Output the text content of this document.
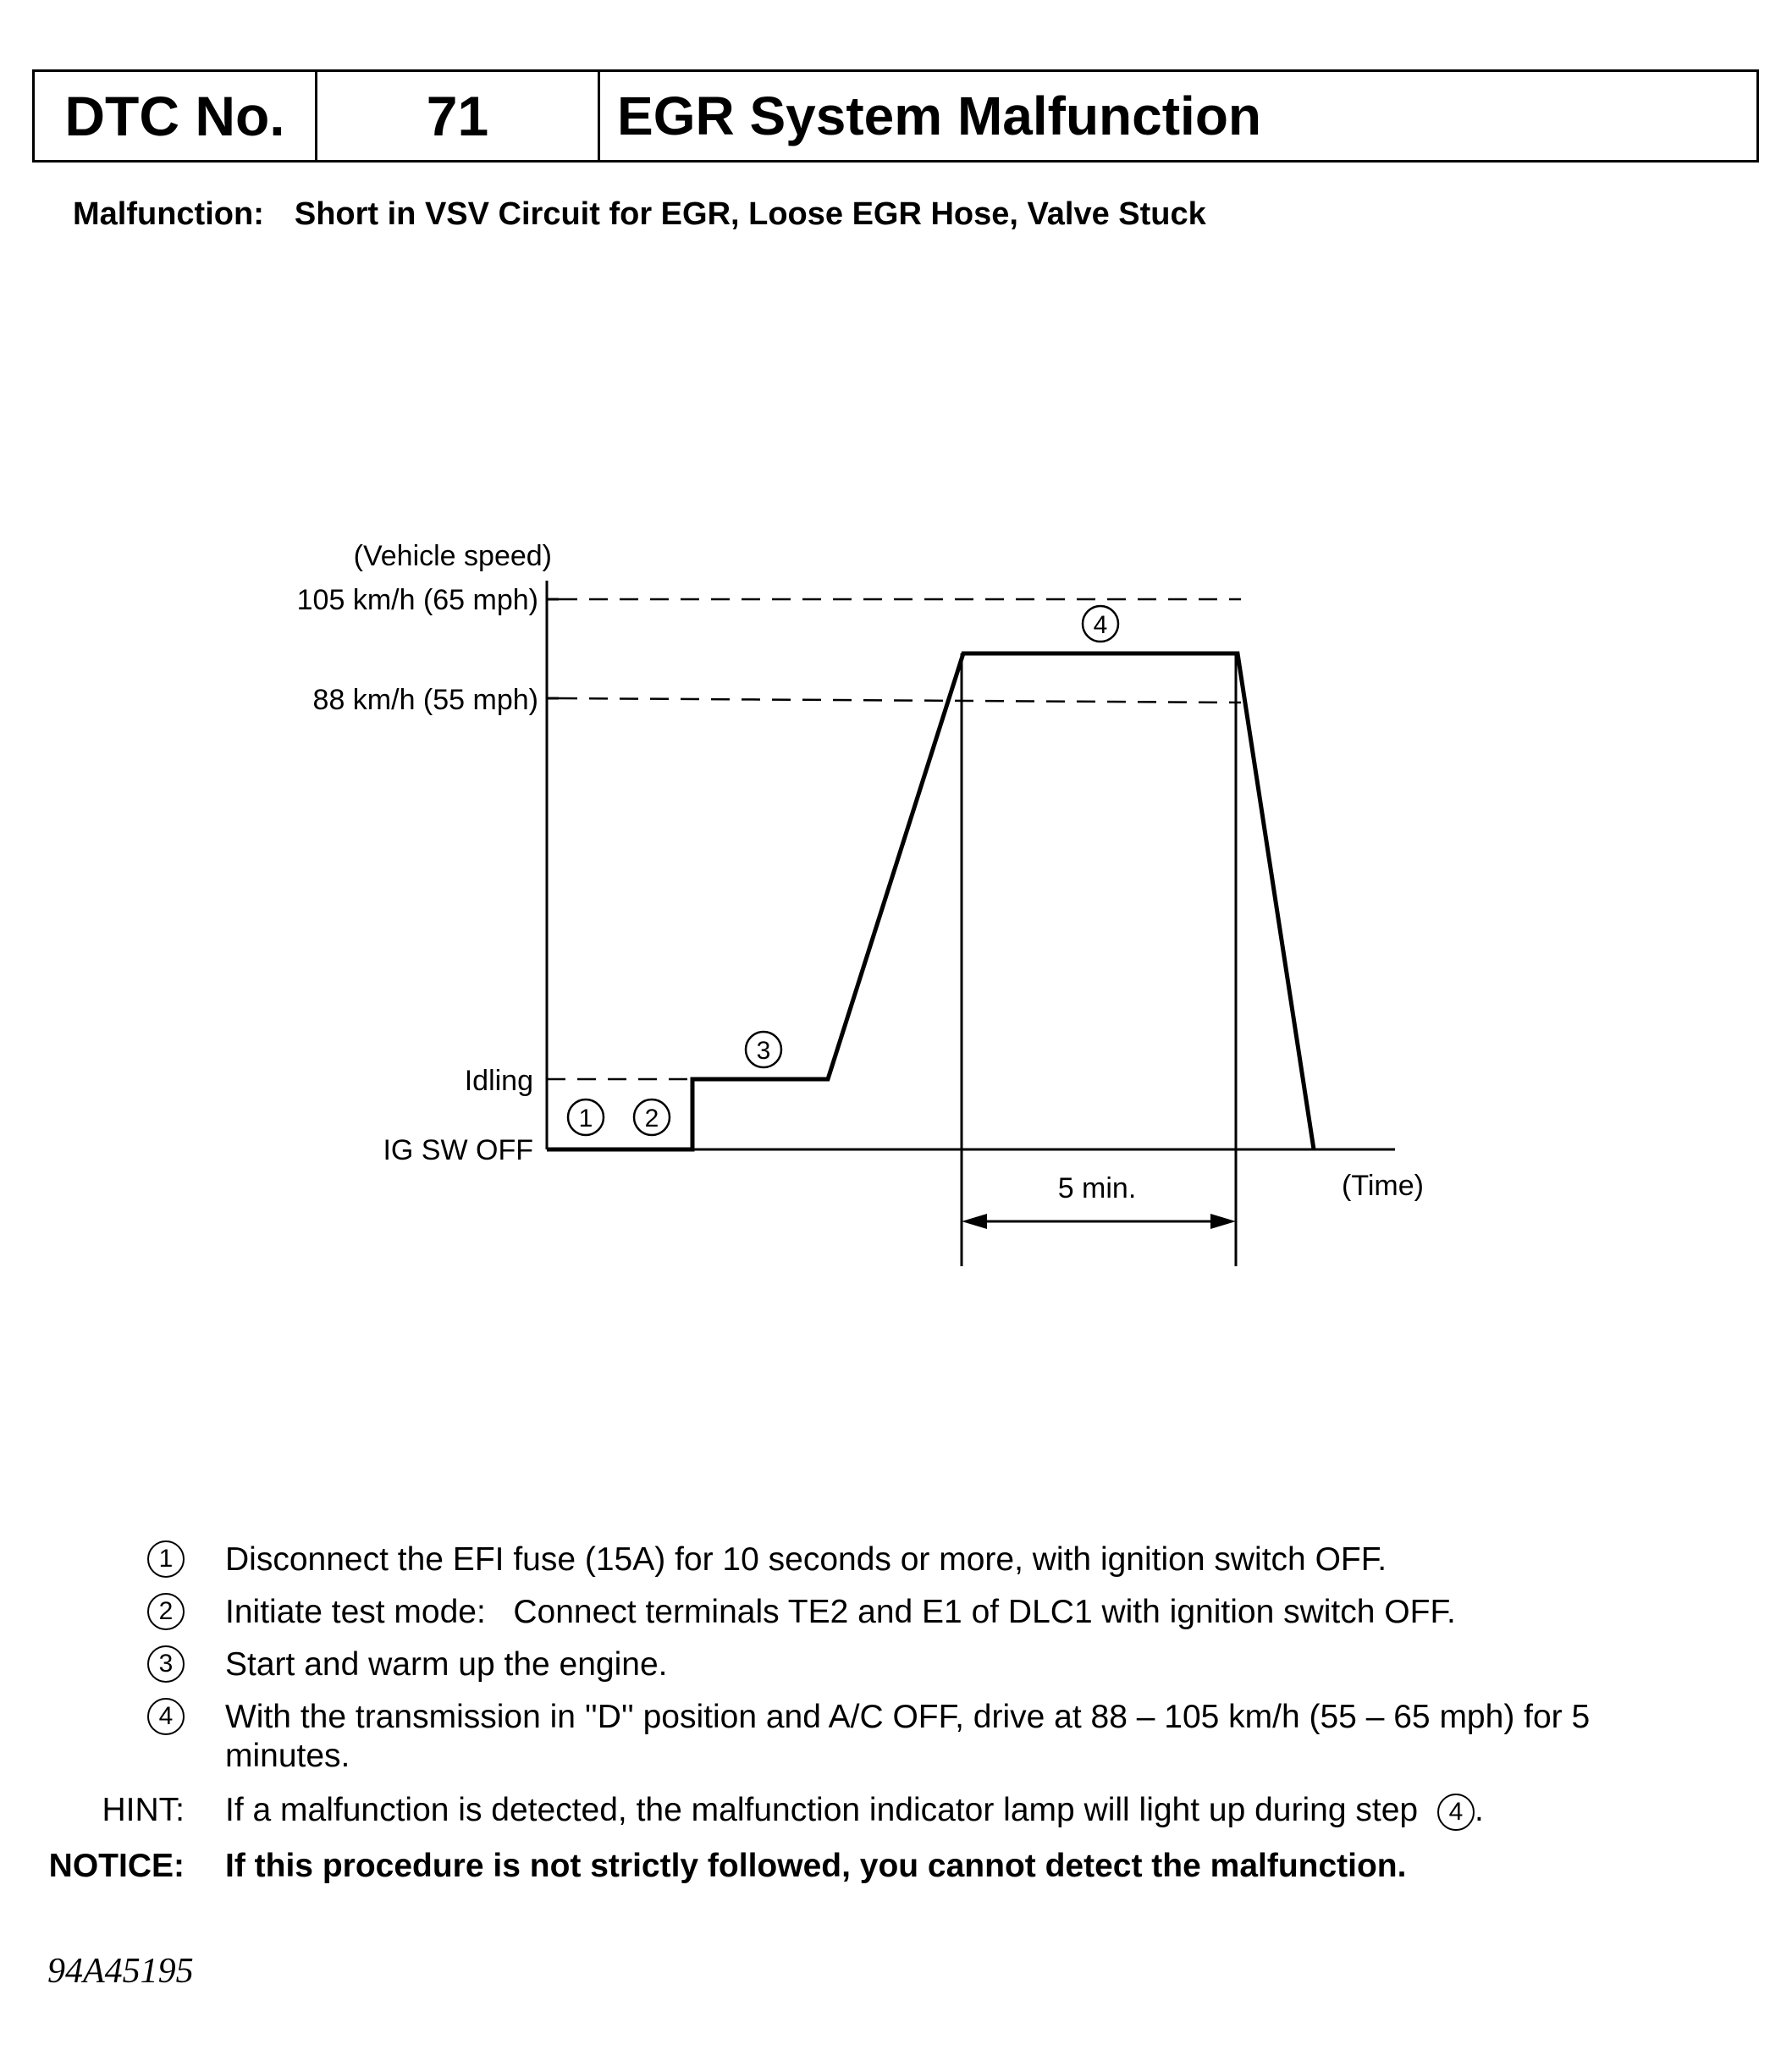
DTC No.	71	EGR System Malfunction
Malfunction: Short in VSV Circuit for EGR, Loose EGR Hose, Valve Stuck
(Vehicle speed)
105 km/h (65 mph)
88 km/h (55 mph)
Idling
IG SW OFF
1 2
3
4
5 min.	(Time)
1	Disconnect the EFI fuse (15A) for 10 seconds or more, with ignition switch OFF.
2	Initiate test mode:   Connect terminals TE2 and E1 of DLC1 with ignition switch OFF.
3	Start and warm up the engine.
4	With the transmission in ''D'' position and A/C OFF, drive at 88 – 105 km/h (55 – 65 mph) for 5 minutes.
HINT: If a malfunction is detected, the malfunction indicator lamp will light up during step 4 .
NOTICE: If this procedure is not strictly followed, you cannot detect the malfunction.
94A45195
